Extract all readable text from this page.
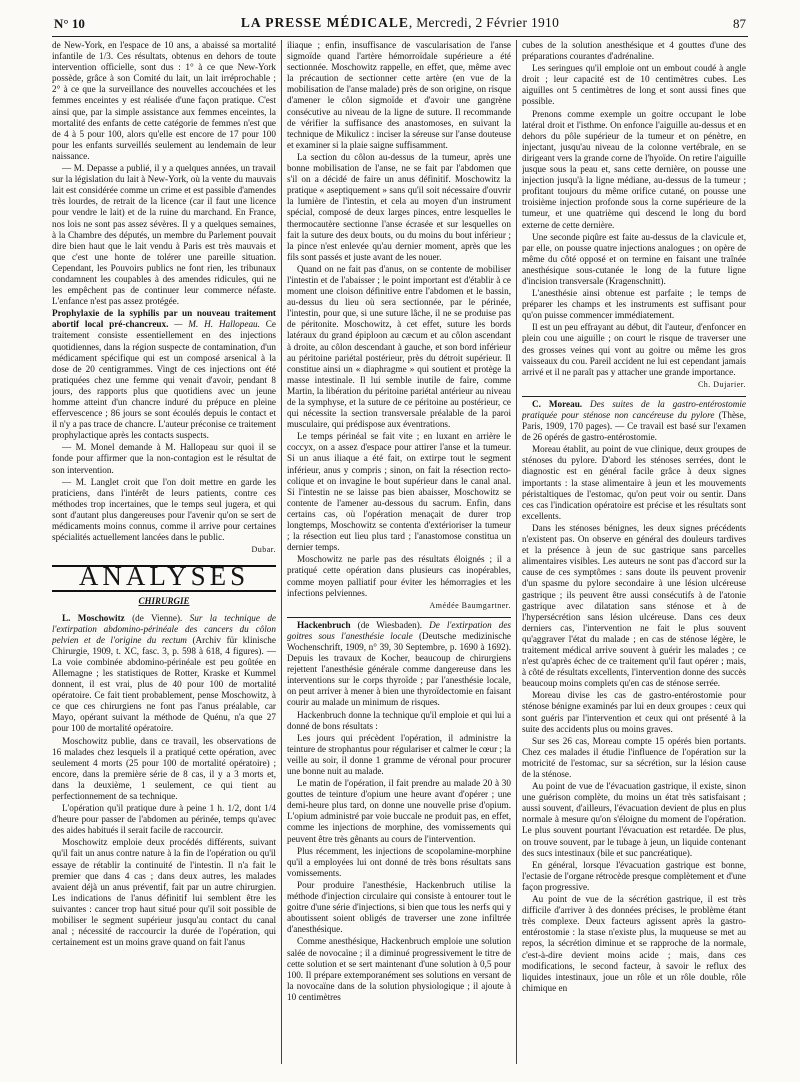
N° 10	LA PRESSE MÉDICALE, Mercredi, 2 Février 1910	87

de New-York, en l'espace de 10 ans, a abaissé sa mortalité infantile de 1/3. Ces résultats, obtenus en dehors de toute intervention officielle, sont dus : 1° à ce que New-York possède, grâce à son Comité du lait, un lait irréprochable ; 2° à ce que la surveillance des nouvelles accouchées et les femmes enceintes y est réalisée d'une façon pratique. C'est ainsi que, par la simple assistance aux femmes enceintes, la mortalité des enfants de cette catégorie de femmes n'est que de 4 à 5 pour 100, alors qu'elle est encore de 17 pour 100 pour les enfants surveillés seulement au lendemain de leur naissance.

— M. Depasse a publié, il y a quelques années, un travail sur la législation du lait à New-York, où la vente du mauvais lait est considérée comme un crime et est passible d'amendes très lourdes, de retrait de la licence (car il faut une licence pour vendre le lait) et de la ruine du marchand. En France, nos lois ne sont pas assez sévères. Il y a quelques semaines, à la Chambre des députés, un membre du Parlement pouvait dire bien haut que le lait vendu à Paris est très mauvais et que c'est une honte de tolérer une pareille situation. Cependant, les Pouvoirs publics ne font rien, les tribunaux condamnent les coupables à des amendes ridicules, qui ne les empêchent pas de continuer leur commerce néfaste. L'enfance n'est pas assez protégée.

Prophylaxie de la syphilis par un nouveau traitement abortif local pré-chancreux. — M. H. Hallopeau. Ce traitement consiste essentiellement en des injections quotidiennes, dans la région suspecte de contamination, d'un médicament spécifique qui est un composé arsenical à la dose de 20 centigrammes. Vingt de ces injections ont été pratiquées chez une femme qui venait d'avoir, pendant 8 jours, des rapports plus que quotidiens avec un jeune homme atteint d'un chancre induré du prépuce en pleine effervescence ; 86 jours se sont écoulés depuis le contact et il n'y a pas trace de chancre. L'auteur préconise ce traitement prophylactique après les contacts suspects.

— M. Monel demande à M. Hallopeau sur quoi il se fonde pour affirmer que la non-contagion est le résultat de son intervention.

— M. Langlet croit que l'on doit mettre en garde les praticiens, dans l'intérêt de leurs patients, contre ces méthodes trop incertaines, que le temps seul jugera, et qui sont d'autant plus dangereuses pour l'avenir qu'on se sert de médicaments moins connus, comme il arrive pour certaines spécialités actuellement lancées dans le public.

Dubar.

ANALYSES
CHIRURGIE

L. Moschowitz (de Vienne). Sur la technique de l'extirpation abdomino-périnéale des cancers du côlon pelvien et de l'origine du rectum (Archiv für klinische Chirurgie, 1909, t. XC, fasc. 3, p. 598 à 618, 4 figures). — La voie combinée abdomino-périnéale est peu goûtée en Allemagne ; les statistiques de Rotter, Kraske et Kummel donnent, il est vrai, plus de 40 pour 100 de mortalité opératoire. Ce fait tient probablement, pense Moschowitz, à ce que ces chirurgiens ne font pas l'anus préalable, car Mayo, opérant suivant la méthode de Quénu, n'a que 27 pour 100 de mortalité opératoire.

Moschowitz publie, dans ce travail, les observations de 16 malades chez lesquels il a pratiqué cette opération, avec seulement 4 morts (25 pour 100 de mortalité opératoire) ; encore, dans la première série de 8 cas, il y a 3 morts et, dans la deuxième, 1 seulement, ce qui tient au perfectionnement de sa technique.

L'opération qu'il pratique dure à peine 1 h. 1/2, dont 1/4 d'heure pour passer de l'abdomen au périnée, temps qu'avec des aides habitués il serait facile de raccourcir.

Moschowitz emploie deux procédés différents, suivant qu'il fait un anus contre nature à la fin de l'opération ou qu'il essaye de rétablir la continuité de l'intestin. Il n'a fait le premier que dans 4 cas ; dans deux autres, les malades avaient déjà un anus préventif, fait par un autre chirurgien. Les indications de l'anus définitif lui semblent être les suivantes : cancer trop haut situé pour qu'il soit possible de mobiliser le segment supérieur jusqu'au contact du canal anal ; nécessité de raccourcir la durée de l'opération, qui certainement est un moins grave quand on fait l'anus

iliaque ; enfin, insuffisance de vascularisation de l'anse sigmoïde quand l'artère hémorroïdale supérieure a été sectionnée. Moschowitz rappelle, en effet, que, même avec la précaution de sectionner cette artère (en vue de la mobilisation de l'anse malade) près de son origine, on risque d'amener le côlon sigmoïde et d'avoir une gangrène consécutive au niveau de la ligne de suture. Il recommande de vérifier la suffisance des anastomoses, en suivant la technique de Mikulicz : inciser la séreuse sur l'anse douteuse et examiner si la plaie saigne suffisamment.

La section du côlon au-dessus de la tumeur, après une bonne mobilisation de l'anse, ne se fait par l'abdomen que s'il on a décidé de faire un anus définitif. Moschowitz la pratique « aseptiquement » sans qu'il soit nécessaire d'ouvrir la lumière de l'intestin, et cela au moyen d'un instrument spécial, composé de deux larges pinces, entre lesquelles le thermocautère sectionne l'anse écrasée et sur lesquelles on fait la suture des deux bouts, ou du moins du bout inférieur ; la pince n'est enlevée qu'au dernier moment, après que les fils sont passés et juste avant de les nouer.

Quand on ne fait pas d'anus, on se contente de mobiliser l'intestin et de l'abaisser ; le point important est d'établir à ce moment une cloison définitive entre l'abdomen et le bassin, au-dessus du lieu où sera sectionnée, par le périnée, l'intestin, pour que, si une suture lâche, il ne se produise pas de péritonite. Moschowitz, à cet effet, suture les bords latéraux du grand épiploon au cæcum et au côlon ascendant à droite, au côlon descendant à gauche, et son bord inférieur au péritoine pariétal postérieur, près du détroit supérieur. Il constitue ainsi un « diaphragme » qui soutient et protège la masse intestinale. Il lui semble inutile de faire, comme Martin, la libération du péritoine pariétal antérieur au niveau de la symphyse, et la suture de ce péritoine au postérieur, ce qui nécessite la section transversale préalable de la paroi musculaire, qui prédispose aux éventrations.

Le temps périnéal se fait vite ; en luxant en arrière le coccyx, on a assez d'espace pour attirer l'anse et la tumeur. Si un anus iliaque a été fait, on extirpe tout le segment inférieur, anus y compris ; sinon, on fait la résection recto-colique et on invagine le bout supérieur dans le canal anal. Si l'intestin ne se laisse pas bien abaisser, Moschowitz se contente de l'amener au-dessous du sacrum. Enfin, dans certains cas, où l'opération menaçait de durer trop longtemps, Moschowitz se contenta d'extérioriser la tumeur ; la résection eut lieu plus tard ; l'anastomose constitua un dernier temps.

Moschowitz ne parle pas des résultats éloignés ; il a pratiqué cette opération dans plusieurs cas inopérables, comme moyen palliatif pour éviter les hémorragies et les infections pelviennes.

Amédée Baumgartner.

Hackenbruch (de Wiesbaden). De l'extirpation des goitres sous l'anesthésie locale (Deutsche medizinische Wochenschrift, 1909, n° 39, 30 Septembre, p. 1690 à 1692). Depuis les travaux de Kocher, beaucoup de chirurgiens rejettent l'anesthésie générale comme dangereuse dans les interventions sur le corps thyroïde ; par l'anesthésie locale, on peut arriver à mener à bien une thyroïdectomie en faisant courir au malade un minimum de risques.

Hackenbruch donne la technique qu'il emploie et qui lui a donné de bons résultats :

Les jours qui précèdent l'opération, il administre la teinture de strophantus pour régulariser et calmer le cœur ; la veille au soir, il donne 1 gramme de véronal pour procurer une bonne nuit au malade.

Le matin de l'opération, il fait prendre au malade 20 à 30 gouttes de teinture d'opium une heure avant d'opérer ; une demi-heure plus tard, on donne une nouvelle prise d'opium. L'opium administré par voie buccale ne produit pas, en effet, comme les injections de morphine, des vomissements qui peuvent être très gênants au cours de l'intervention.

Plus récemment, les injections de scopolamine-morphine qu'il a employées lui ont donné de très bons résultats sans vomissements.

Pour produire l'anesthésie, Hackenbruch utilise la méthode d'injection circulaire qui consiste à entourer tout le goitre d'une série d'injections, si bien que tous les nerfs qui y aboutissent soient obligés de traverser une zone infiltrée d'anesthésique.

Comme anesthésique, Hackenbruch emploie une solution salée de novocaïne ; il a diminué progressivement le titre de cette solution et se sert maintenant d'une solution à 0,5 pour 100. Il prépare extemporanément ses solutions en versant de la novocaïne dans de la solution physiologique ; il ajoute à 10 centimètres

cubes de la solution anesthésique et 4 gouttes d'une des préparations courantes d'adrénaline.

Les seringues qu'il emploie ont un embout coudé à angle droit ; leur capacité est de 10 centimètres cubes. Les aiguilles ont 5 centimètres de long et sont aussi fines que possible.

Prenons comme exemple un goitre occupant le lobe latéral droit et l'isthme. On enfonce l'aiguille au-dessus et en dehors du pôle supérieur de la tumeur et on pénètre, en injectant, jusqu'au niveau de la colonne vertébrale, en se dirigeant vers la grande corne de l'hyoïde. On retire l'aiguille jusque sous la peau et, sans cette dernière, on pousse une injection jusqu'à la ligne médiane, au-dessus de la tumeur ; profitant toujours du même orifice cutané, on pousse une troisième injection profonde sous la corne supérieure de la tumeur, et une quatrième qui descend le long du bord externe de cette dernière.

Une seconde piqûre est faite au-dessus de la clavicule et, par elle, on pousse quatre injections analogues ; on opère de même du côté opposé et on termine en faisant une traînée anesthésique sous-cutanée le long de la future ligne d'incision transversale (Kragenschnitt).

L'anesthésie ainsi obtenue est parfaite ; le temps de préparer les champs et les instruments est suffisant pour qu'on puisse commencer immédiatement.

Il est un peu effrayant au début, dit l'auteur, d'enfoncer en plein cou une aiguille ; on court le risque de traverser une des grosses veines qui vont au goitre ou même les gros vaisseaux du cou. Pareil accident ne lui est cependant jamais arrivé et il ne paraît pas y attacher une grande importance.

Ch. Dujarier.

C. Moreau. Des suites de la gastro-entérostomie pratiquée pour sténose non cancéreuse du pylore (Thèse, Paris, 1909, 170 pages). — Ce travail est basé sur l'examen de 26 opérés de gastro-entérostomie.

Moreau établit, au point de vue clinique, deux groupes de sténoses du pylore. D'abord les sténoses serrées, dont le diagnostic est en général facile grâce à deux signes importants : la stase alimentaire à jeun et les mouvements péristaltiques de l'estomac, qu'on peut voir ou sentir. Dans ces cas l'indication opératoire est précise et les résultats sont excellents.

Dans les sténoses bénignes, les deux signes précédents n'existent pas. On observe en général des douleurs tardives et la présence à jeun de suc gastrique sans parcelles alimentaires visibles. Les auteurs ne sont pas d'accord sur la cause de ces symptômes : sans doute ils peuvent provenir d'un spasme du pylore secondaire à une lésion ulcéreuse gastrique ; ils peuvent être aussi consécutifs à de l'atonie gastrique avec dilatation sans sténose et à de l'hypersécrétion sans lésion ulcéreuse. Dans ces deux derniers cas, l'intervention ne fait le plus souvent qu'aggraver l'état du malade ; en cas de sténose légère, le traitement médical arrive souvent à guérir les malades ; ce n'est qu'après échec de ce traitement qu'il faut opérer ; mais, à côté de résultats excellents, l'intervention donne des succès beaucoup moins complets qu'en cas de sténose serrée.

Moreau divise les cas de gastro-entérostomie pour sténose bénigne examinés par lui en deux groupes : ceux qui sont guéris par l'intervention et ceux qui ont présenté à la suite des accidents plus ou moins graves.

Sur ses 26 cas, Moreau compte 15 opérés bien portants. Chez ces malades il étudie l'influence de l'opération sur la motricité de l'estomac, sur sa sécrétion, sur la lésion cause de la sténose.

Au point de vue de l'évacuation gastrique, il existe, sinon une guérison complète, du moins un état très satisfaisant ; aussi souvent, d'ailleurs, l'évacuation devient de plus en plus normale à mesure qu'on s'éloigne du moment de l'opération. Le plus souvent pourtant l'évacuation est retardée. De plus, on trouve souvent, par le tubage à jeun, un liquide contenant des sucs intestinaux (bile et suc pancréatique).

En général, lorsque l'évacuation gastrique est bonne, l'ectasie de l'organe rétrocède presque complètement et d'une façon progressive.

Au point de vue de la sécrétion gastrique, il est très difficile d'arriver à des données précises, le problème étant très complexe. Deux facteurs agissent après la gastro-entérostomie : la stase n'existe plus, la muqueuse se met au repos, la sécrétion diminue et se rapproche de la normale, c'est-à-dire devient moins acide ; mais, dans ces modifications, le second facteur, à savoir le reflux des liquides intestinaux, joue un rôle et un rôle double, rôle chimique en
